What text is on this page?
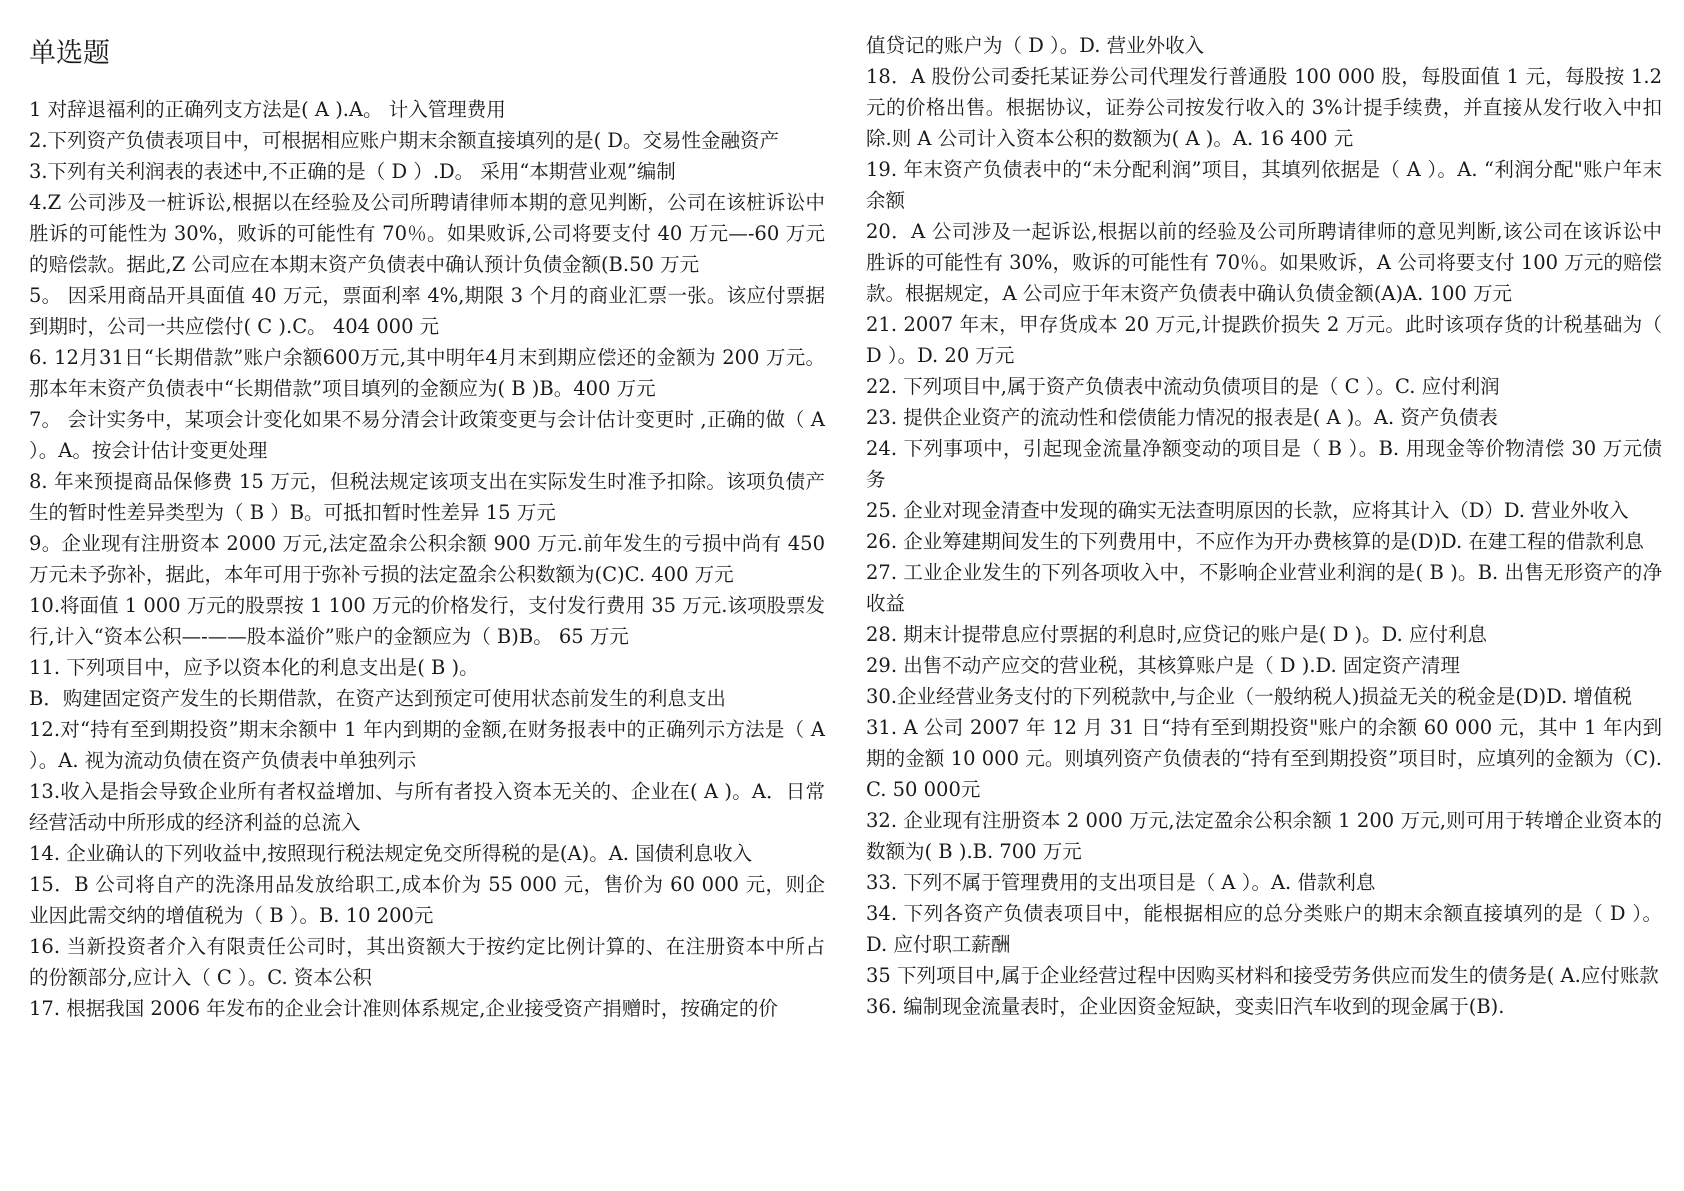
单选题

1 对辞退福利的正确列支方法是( A ).A。 计入管理费用

2.下列资产负债表项目中，可根据相应账户期末余额直接填列的是( D。交易性金融资产

3.下列有关利润表的表述中,不正确的是（ D ）.D。 采用“本期营业观”编制

4.Z 公司涉及一桩诉讼,根据以在经验及公司所聘请律师本期的意见判断，公司在该桩诉讼中胜诉的可能性为 30%，败诉的可能性有 70％。如果败诉,公司将要支付 40 万元—-60 万元的赔偿款。据此,Z 公司应在本期末资产负债表中确认预计负债金额(B.50 万元

5。 因采用商品开具面值 40 万元，票面利率 4%,期限 3 个月的商业汇票一张。该应付票据到期时，公司一共应偿付( C ).C。 404 000 元

6. 12月31日“长期借款”账户余额600万元,其中明年4月末到期应偿还的金额为 200 万元。那本年末资产负债表中“长期借款”项目填列的金额应为( B )B。400 万元

7。 会计实务中，某项会计变化如果不易分清会计政策变更与会计估计变更时 ,正确的做（ A ）。A。按会计估计变更处理

8. 年来预提商品保修费 15 万元，但税法规定该项支出在实际发生时准予扣除。该项负债产生的暂时性差异类型为（ B ）B。可抵扣暂时性差异 15 万元

9。企业现有注册资本 2000 万元,法定盈余公积余额 900 万元.前年发生的亏损中尚有 450 万元未予弥补，据此，本年可用于弥补亏损的法定盈余公积数额为(C)C. 400 万元

10.将面值 1 000 万元的股票按 1 100 万元的价格发行，支付发行费用 35 万元.该项股票发行,计入“资本公积—-——股本溢价”账户的金额应为（ B)B。 65 万元

11. 下列项目中，应予以资本化的利息支出是( B )。

B．购建固定资产发生的长期借款，在资产达到预定可使用状态前发生的利息支出

12.对“持有至到期投资”期末余额中 1 年内到期的金额,在财务报表中的正确列示方法是（ A ）。A. 视为流动负债在资产负债表中单独列示

13.收入是指会导致企业所有者权益增加、与所有者投入资本无关的、企业在( A )。A．日常经营活动中所形成的经济利益的总流入

14. 企业确认的下列收益中,按照现行税法规定免交所得税的是(A)。A. 国债利息收入

15．B 公司将自产的洗涤用品发放给职工,成本价为 55 000 元，售价为 60 000 元，则企业因此需交纳的增值税为（ B ）。B. 10 200元

16. 当新投资者介入有限责任公司时，其出资额大于按约定比例计算的、在注册资本中所占的份额部分,应计入（ C ）。C. 资本公积

17. 根据我国 2006 年发布的企业会计准则体系规定,企业接受资产捐赠时，按确定的价

值贷记的账户为（ D ）。D. 营业外收入

18．A 股份公司委托某证券公司代理发行普通股 100 000 股，每股面值 1 元，每股按 1.2 元的价格出售。根据协议，证券公司按发行收入的 3%计提手续费，并直接从发行收入中扣除.则 A 公司计入资本公积的数额为( A )。A. 16 400 元

19. 年末资产负债表中的“未分配利润”项目，其填列依据是（ A ）。A. “利润分配"账户年末余额

20．A 公司涉及一起诉讼,根据以前的经验及公司所聘请律师的意见判断,该公司在该诉讼中胜诉的可能性有 30%，败诉的可能性有 70％。如果败诉，A 公司将要支付 100 万元的赔偿款。根据规定，A 公司应于年末资产负债表中确认负债金额(A)A. 100 万元

21. 2007 年末，甲存货成本 20 万元,计提跌价损失 2 万元。此时该项存货的计税基础为（ D ）。D. 20 万元

22. 下列项目中,属于资产负债表中流动负债项目的是（ C ）。C. 应付利润

23. 提供企业资产的流动性和偿债能力情况的报表是( A )。A. 资产负债表

24. 下列事项中，引起现金流量净额变动的项目是（ B ）。B. 用现金等价物清偿 30 万元债务

25. 企业对现金清查中发现的确实无法查明原因的长款，应将其计入（D）D. 营业外收入

26. 企业筹建期间发生的下列费用中，不应作为开办费核算的是(D)D. 在建工程的借款利息

27. 工业企业发生的下列各项收入中，不影响企业营业利润的是( B )。B. 出售无形资产的净收益

28. 期末计提带息应付票据的利息时,应贷记的账户是( D )。D. 应付利息

29. 出售不动产应交的营业税，其核算账户是（ D ).D. 固定资产清理

30.企业经营业务支付的下列税款中,与企业（一般纳税人)损益无关的税金是(D)D. 增值税

31. A 公司 2007 年 12 月 31 日“持有至到期投资"账户的余额 60 000 元，其中 1 年内到期的金额 10 000 元。则填列资产负债表的“持有至到期投资”项目时，应填列的金额为（C).C. 50 000元

32. 企业现有注册资本 2 000 万元,法定盈余公积余额 1 200 万元,则可用于转增企业资本的数额为( B ).B. 700 万元

33. 下列不属于管理费用的支出项目是（ A ）。A. 借款利息

34. 下列各资产负债表项目中，能根据相应的总分类账户的期末余额直接填列的是（ D ）。D. 应付职工薪酬

35 下列项目中,属于企业经营过程中因购买材料和接受劳务供应而发生的债务是( A.应付账款

36. 编制现金流量表时，企业因资金短缺，变卖旧汽车收到的现金属于(B).
